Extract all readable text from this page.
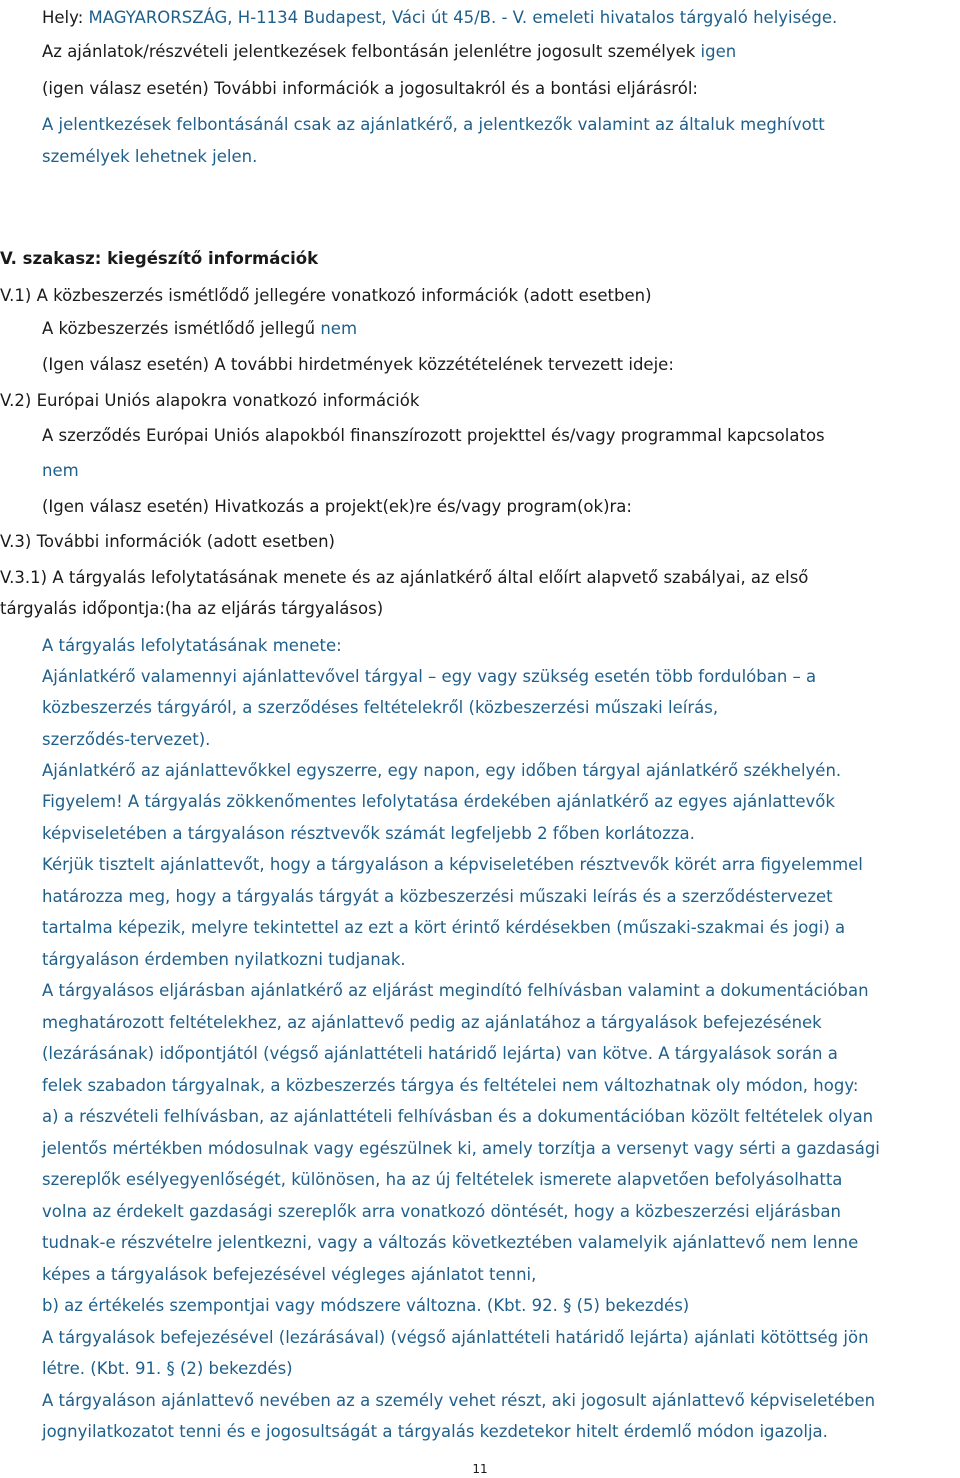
Hely: MAGYARORSZÁG, H-1134 Budapest, Váci út 45/B. - V. emeleti hivatalos tárgyaló helyisége.
Az ajánlatok/részvételi jelentkezések felbontásán jelenlétre jogosult személyek igen
(igen válasz esetén) További információk a jogosultakról és a bontási eljárásról:
A jelentkezések felbontásánál csak az ajánlatkérő, a jelentkezők valamint az általuk meghívott
személyek lehetnek jelen.
V. szakasz: kiegészítő információk
V.1) A közbeszerzés ismétlődő jellegére vonatkozó információk (adott esetben)
A közbeszerzés ismétlődő jellegű nem
(Igen válasz esetén) A további hirdetmények közzétételének tervezett ideje:
V.2) Európai Uniós alapokra vonatkozó információk
A szerződés Európai Uniós alapokból finanszírozott projekttel és/vagy programmal kapcsolatos
nem
(Igen válasz esetén) Hivatkozás a projekt(ek)re és/vagy program(ok)ra:
V.3) További információk (adott esetben)
V.3.1) A tárgyalás lefolytatásának menete és az ajánlatkérő által előírt alapvető szabályai, az első
tárgyalás időpontja:(ha az eljárás tárgyalásos)
A tárgyalás lefolytatásának menete:
Ajánlatkérő valamennyi ajánlattevővel tárgyal – egy vagy szükség esetén több fordulóban – a
közbeszerzés tárgyáról, a szerződéses feltételekről (közbeszerzési műszaki leírás,
szerződés-tervezet).
Ajánlatkérő az ajánlattevőkkel egyszerre, egy napon, egy időben tárgyal ajánlatkérő székhelyén.
Figyelem! A tárgyalás zökkenőmentes lefolytatása érdekében ajánlatkérő az egyes ajánlattevők
képviseletében a tárgyaláson résztvevők számát legfeljebb 2 főben korlátozza.
Kérjük tisztelt ajánlattevőt, hogy a tárgyaláson a képviseletében résztvevők körét arra figyelemmel
határozza meg, hogy a tárgyalás tárgyát a közbeszerzési műszaki leírás és a szerződéstervezet
tartalma képezik, melyre tekintettel az ezt a kört érintő kérdésekben (műszaki-szakmai és jogi) a
tárgyaláson érdemben nyilatkozni tudjanak.
A tárgyalásos eljárásban ajánlatkérő az eljárást megindító felhívásban valamint a dokumentációban
meghatározott feltételekhez, az ajánlattevő pedig az ajánlatához a tárgyalások befejezésének
(lezárásának) időpontjától (végső ajánlattételi határidő lejárta) van kötve. A tárgyalások során a
felek szabadon tárgyalnak, a közbeszerzés tárgya és feltételei nem változhatnak oly módon, hogy:
a) a részvételi felhívásban, az ajánlattételi felhívásban és a dokumentációban közölt feltételek olyan
jelentős mértékben módosulnak vagy egészülnek ki, amely torzítja a versenyt vagy sérti a gazdasági
szereplők esélyegyenlőségét, különösen, ha az új feltételek ismerete alapvetően befolyásolhatta
volna az érdekelt gazdasági szereplők arra vonatkozó döntését, hogy a közbeszerzési eljárásban
tudnak-e részvételre jelentkezni, vagy a változás következtében valamelyik ajánlattevő nem lenne
képes a tárgyalások befejezésével végleges ajánlatot tenni,
b) az értékelés szempontjai vagy módszere változna. (Kbt. 92. § (5) bekezdés)
A tárgyalások befejezésével (lezárásával) (végső ajánlattételi határidő lejárta) ajánlati kötöttség jön
létre. (Kbt. 91. § (2) bekezdés)
A tárgyaláson ajánlattevő nevében az a személy vehet részt, aki jogosult ajánlattevő képviseletében
jognyilatkozatot tenni és e jogosultságát a tárgyalás kezdetekor hitelt érdemlő módon igazolja.
11
